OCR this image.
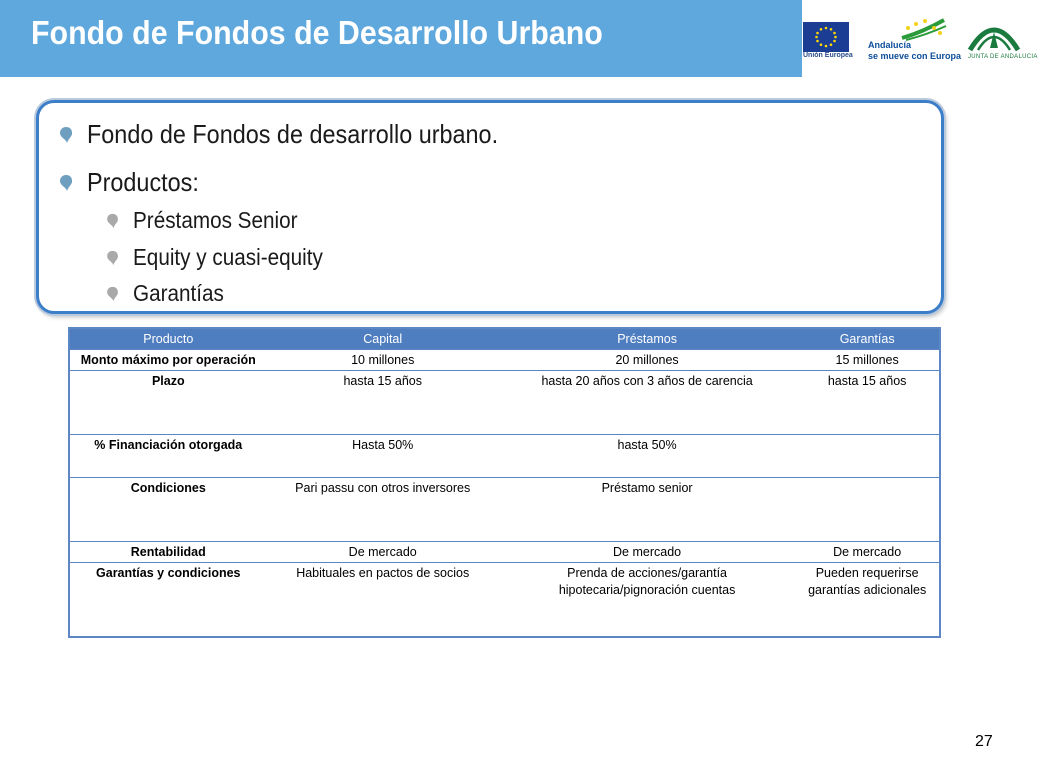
Fondo de Fondos de Desarrollo Urbano
Unión Europea
Andalucía
se mueve con Europa JUNTA DE ANDALUCIA
Fondo de Fondos de desarrollo urbano.
Productos:
Préstamos Senior
Equity y cuasi-equity
Garantías
Producto	Capital	Préstamos	Garantías
Monto máximo por operación	10 millones	20 millones	15 millones
Plazo	hasta 15 años	hasta 20 años con 3 años de carencia	hasta 15 años
% Financiación otorgada	Hasta 50%	hasta 50%	
Condiciones	Pari passu con otros inversores	Préstamo senior	
Rentabilidad	De mercado	De mercado	De mercado
Garantías y condiciones	Habituales en pactos de socios	Prenda de acciones/garantía hipotecaria/pignoración cuentas	Pueden requerirse garantías adicionales
27
